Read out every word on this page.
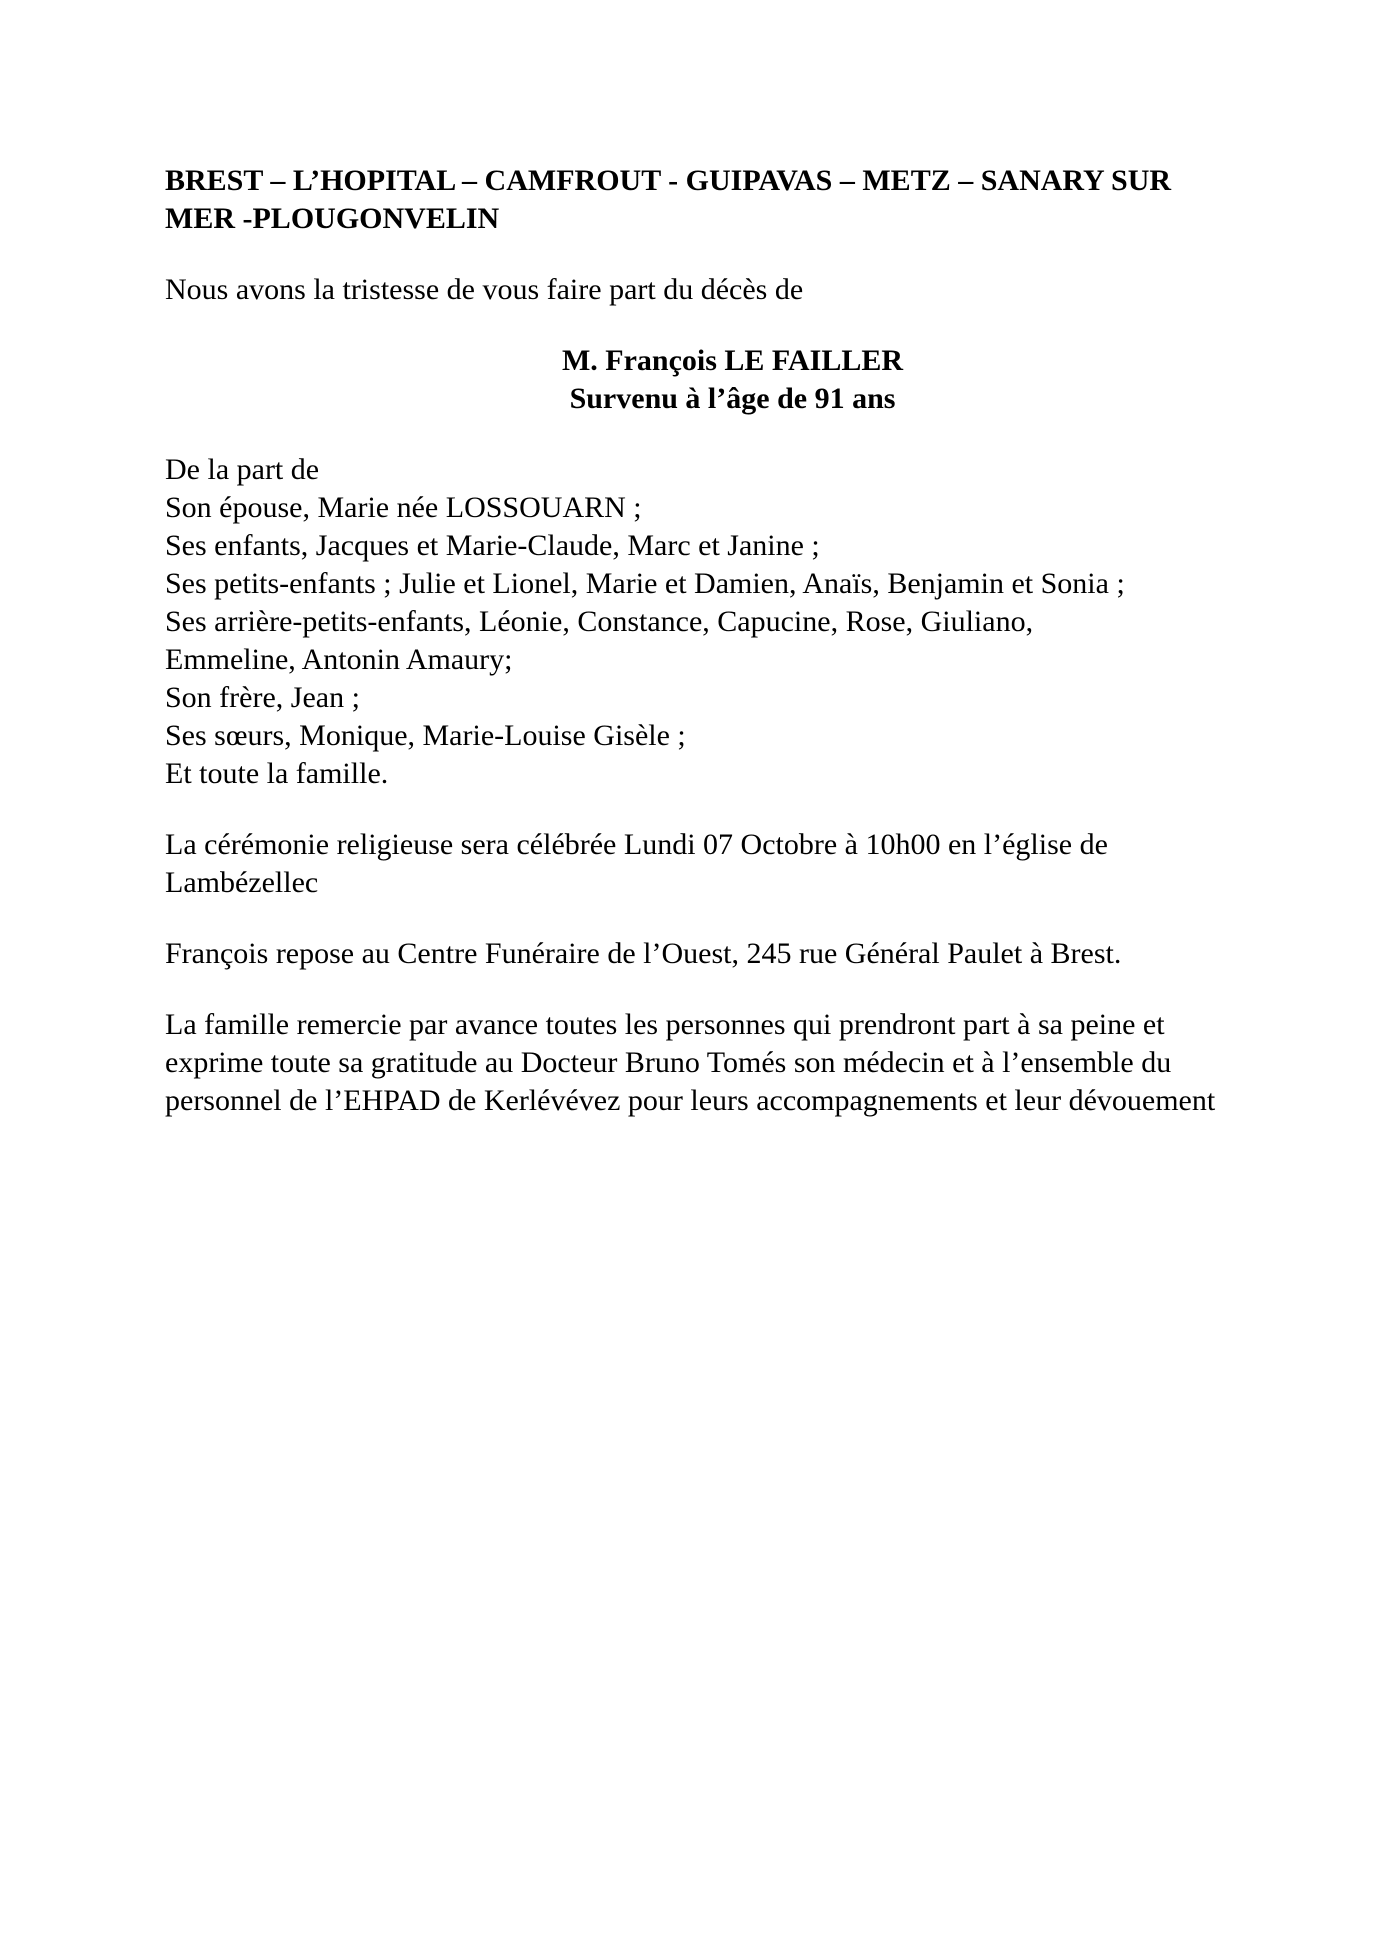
BREST – L’HOPITAL – CAMFROUT - GUIPAVAS – METZ – SANARY SUR MER -PLOUGONVELIN

Nous avons la tristesse de vous faire part du décès de

M. François LE FAILLER
Survenu à l’âge de 91 ans
De la part de
Son épouse, Marie née LOSSOUARN ;
Ses enfants, Jacques et Marie-Claude, Marc et Janine ;
Ses petits-enfants ; Julie et Lionel, Marie et Damien, Anaïs, Benjamin et Sonia ;
Ses arrière-petits-enfants, Léonie, Constance, Capucine, Rose, Giuliano,
Emmeline, Antonin Amaury;
Son frère, Jean ;
Ses sœurs, Monique, Marie-Louise Gisèle ;
Et toute la famille.

La cérémonie religieuse sera célébrée Lundi 07 Octobre à 10h00 en l’église de Lambézellec

François repose au Centre Funéraire de l’Ouest, 245 rue Général Paulet à Brest.

La famille remercie par avance toutes les personnes qui prendront part à sa peine et exprime toute sa gratitude au Docteur Bruno Tomés son médecin et à l’ensemble du personnel de l’EHPAD de Kerlévévez pour leurs accompagnements et leur dévouement
